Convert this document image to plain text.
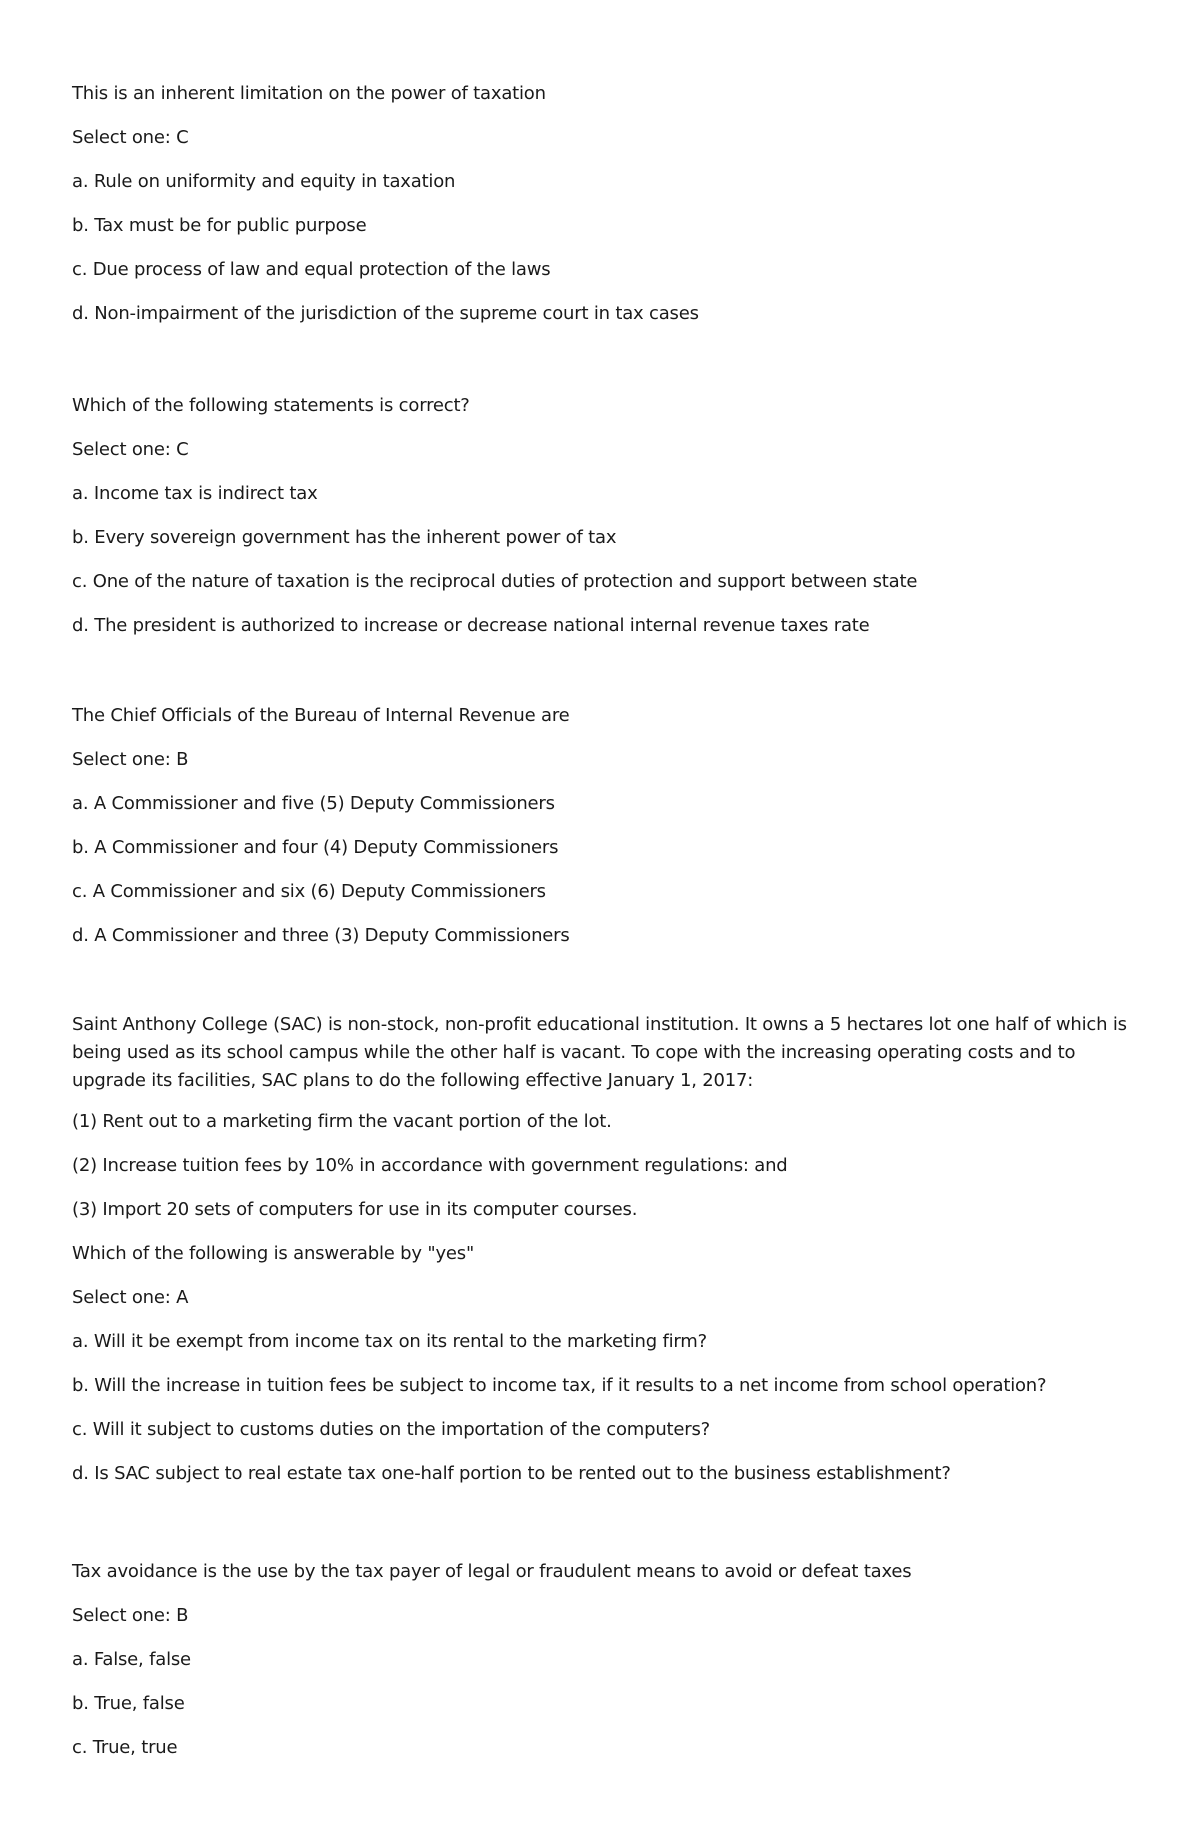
This is an inherent limitation on the power of taxation
Select one: C
a. Rule on uniformity and equity in taxation
b. Tax must be for public purpose
c. Due process of law and equal protection of the laws
d. Non-impairment of the jurisdiction of the supreme court in tax cases
Which of the following statements is correct?
Select one: C
a. Income tax is indirect tax
b. Every sovereign government has the inherent power of tax
c. One of the nature of taxation is the reciprocal duties of protection and support between state
d. The president is authorized to increase or decrease national internal revenue taxes rate
The Chief Officials of the Bureau of Internal Revenue are
Select one: B
a. A Commissioner and five (5) Deputy Commissioners
b. A Commissioner and four (4) Deputy Commissioners
c. A Commissioner and six (6) Deputy Commissioners
d. A Commissioner and three (3) Deputy Commissioners
Saint Anthony College (SAC) is non-stock, non-profit educational institution. It owns a 5 hectares lot one half of which is being used as its school campus while the other half is vacant. To cope with the increasing operating costs and to upgrade its facilities, SAC plans to do the following effective January 1, 2017:
(1) Rent out to a marketing firm the vacant portion of the lot.
(2) Increase tuition fees by 10% in accordance with government regulations: and
(3) Import 20 sets of computers for use in its computer courses.
Which of the following is answerable by "yes"
Select one: A
a. Will it be exempt from income tax on its rental to the marketing firm?
b. Will the increase in tuition fees be subject to income tax, if it results to a net income from school operation?
c. Will it subject to customs duties on the importation of the computers?
d. Is SAC subject to real estate tax one-half portion to be rented out to the business establishment?
Tax avoidance is the use by the tax payer of legal or fraudulent means to avoid or defeat taxes
Select one: B
a. False, false
b. True, false
c. True, true
